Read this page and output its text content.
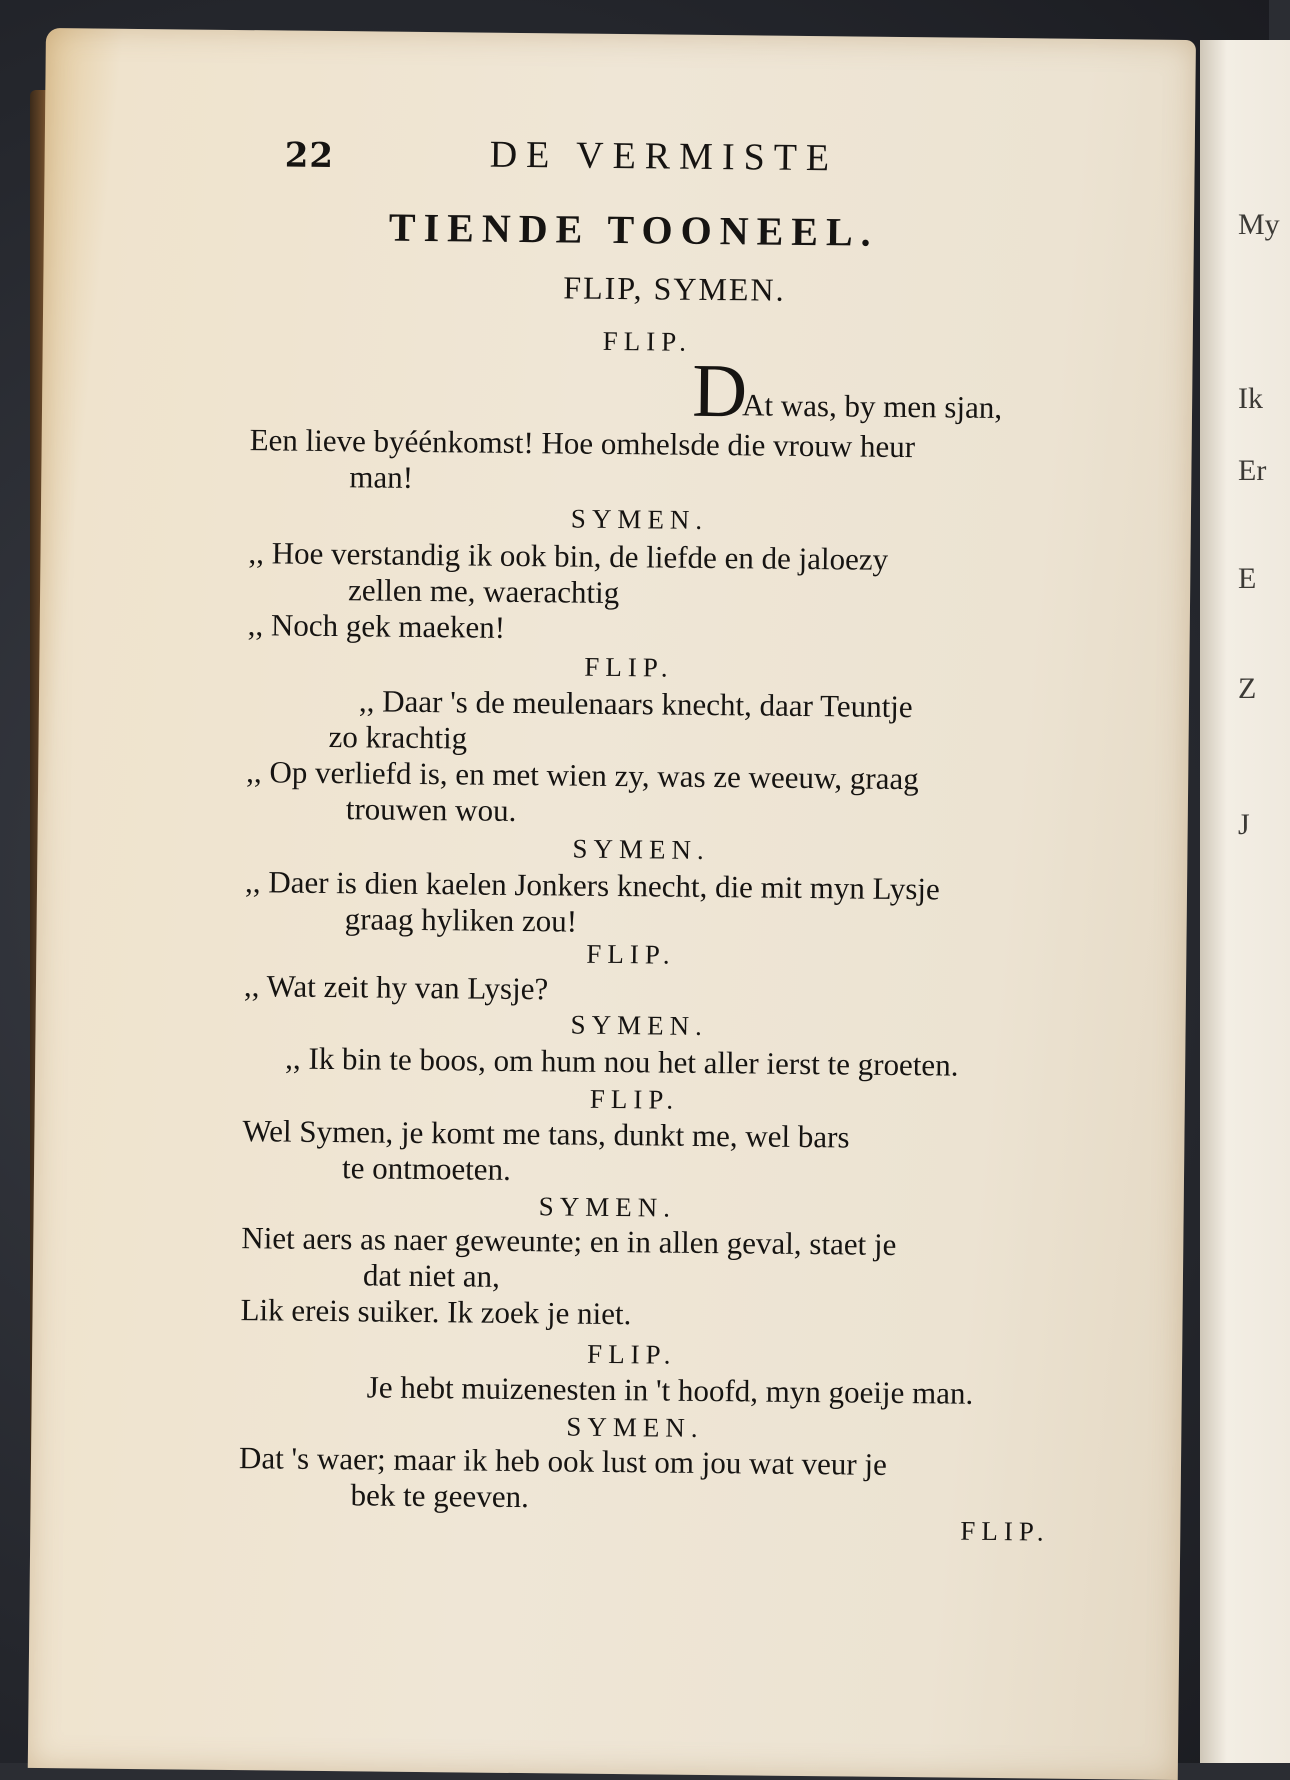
My
Ik
Er
E
Z
J
22	DE VERMISTE
TIENDE TOONEEL.
FLIP, SYMEN.
FLIP.
D
At was, by men sjan,
Een lieve byéénkomst! Hoe omhelsde die vrouw heur
man!
SYMEN.
,, Hoe verstandig ik ook bin, de liefde en de jaloezy
zellen me, waerachtig
,, Noch gek maeken!
FLIP.
,, Daar 's de meulenaars knecht, daar Teuntje
zo krachtig
,, Op verliefd is, en met wien zy, was ze weeuw, graag
trouwen wou.
SYMEN.
,, Daer is dien kaelen Jonkers knecht, die mit myn Lysje
graag hyliken zou!
FLIP.
,, Wat zeit hy van Lysje?
SYMEN.
,, Ik bin te boos, om hum nou het aller ierst te groeten.
FLIP.
Wel Symen, je komt me tans, dunkt me, wel bars
te ontmoeten.
SYMEN.
Niet aers as naer geweunte; en in allen geval, staet je
dat niet an,
Lik ereis suiker. Ik zoek je niet.
FLIP.
Je hebt muizenesten in 't hoofd, myn goeije man.
SYMEN.
Dat 's waer; maar ik heb ook lust om jou wat veur je
bek te geeven.
FLIP.
